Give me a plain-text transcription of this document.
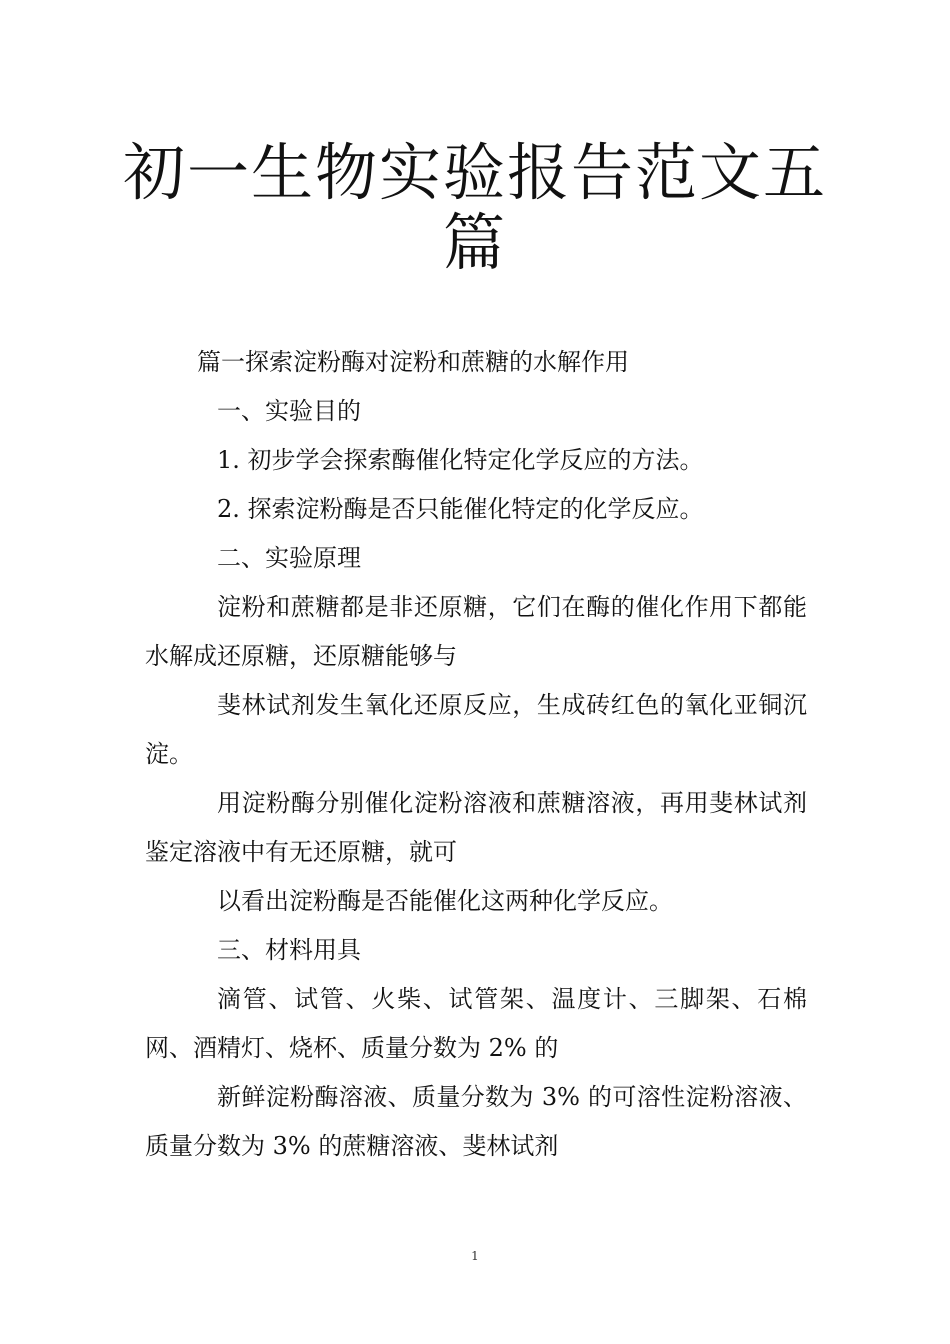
初一生物实验报告范文五
篇

篇一探索淀粉酶对淀粉和蔗糖的水解作用

一、实验目的

1. 初步学会探索酶催化特定化学反应的方法。

2. 探索淀粉酶是否只能催化特定的化学反应。

二、实验原理

淀粉和蔗糖都是非还原糖，它们在酶的催化作用下都能水解成还原糖，还原糖能够与

斐林试剂发生氧化还原反应，生成砖红色的氧化亚铜沉淀。

用淀粉酶分别催化淀粉溶液和蔗糖溶液，再用斐林试剂鉴定溶液中有无还原糖，就可

以看出淀粉酶是否能催化这两种化学反应。

三、材料用具

滴管、试管、火柴、试管架、温度计、三脚架、石棉网、酒精灯、烧杯、质量分数为 2% 的

新鲜淀粉酶溶液、质量分数为 3% 的可溶性淀粉溶液、质量分数为 3% 的蔗糖溶液、斐林试剂

1
